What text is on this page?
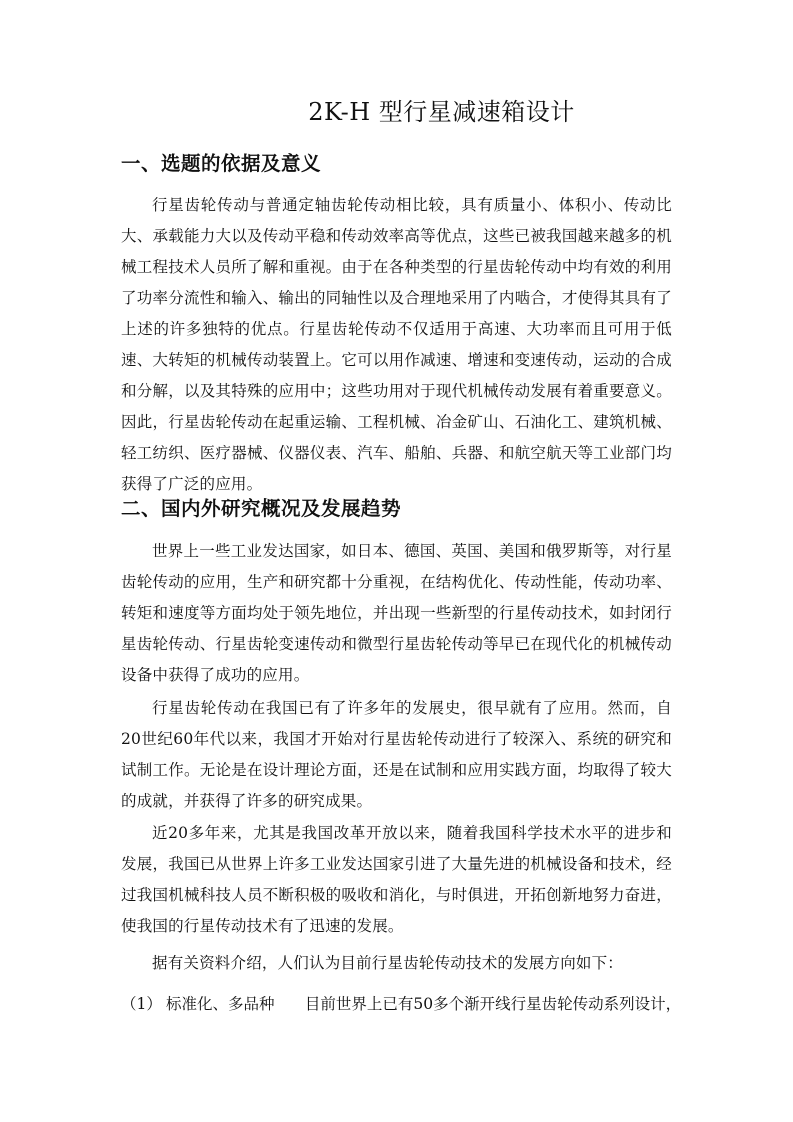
2K-H 型行星减速箱设计
一、选题的依据及意义
行星齿轮传动与普通定轴齿轮传动相比较，具有质量小、体积小、传动比大、承载能力大以及传动平稳和传动效率高等优点，这些已被我国越来越多的机械工程技术人员所了解和重视。由于在各种类型的行星齿轮传动中均有效的利用了功率分流性和输入、输出的同轴性以及合理地采用了内啮合，才使得其具有了上述的许多独特的优点。行星齿轮传动不仅适用于高速、大功率而且可用于低速、大转矩的机械传动装置上。它可以用作减速、增速和变速传动，运动的合成和分解，以及其特殊的应用中；这些功用对于现代机械传动发展有着重要意义。因此，行星齿轮传动在起重运输、工程机械、冶金矿山、石油化工、建筑机械、轻工纺织、医疗器械、仪器仪表、汽车、船舶、兵器、和航空航天等工业部门均获得了广泛的应用。
二、国内外研究概况及发展趋势
世界上一些工业发达国家，如日本、德国、英国、美国和俄罗斯等，对行星齿轮传动的应用，生产和研究都十分重视，在结构优化、传动性能，传动功率、转矩和速度等方面均处于领先地位，并出现一些新型的行星传动技术，如封闭行星齿轮传动、行星齿轮变速传动和微型行星齿轮传动等早已在现代化的机械传动设备中获得了成功的应用。
行星齿轮传动在我国已有了许多年的发展史，很早就有了应用。然而，自20世纪60年代以来，我国才开始对行星齿轮传动进行了较深入、系统的研究和试制工作。无论是在设计理论方面，还是在试制和应用实践方面，均取得了较大的成就，并获得了许多的研究成果。
近20多年来，尤其是我国改革开放以来，随着我国科学技术水平的进步和发展，我国已从世界上许多工业发达国家引进了大量先进的机械设备和技术，经过我国机械科技人员不断积极的吸收和消化，与时俱进，开拓创新地努力奋进，使我国的行星传动技术有了迅速的发展。
据有关资料介绍，人们认为目前行星齿轮传动技术的发展方向如下：
（1） 标准化、多品种 目前世界上已有50多个渐开线行星齿轮传动系列设计，
